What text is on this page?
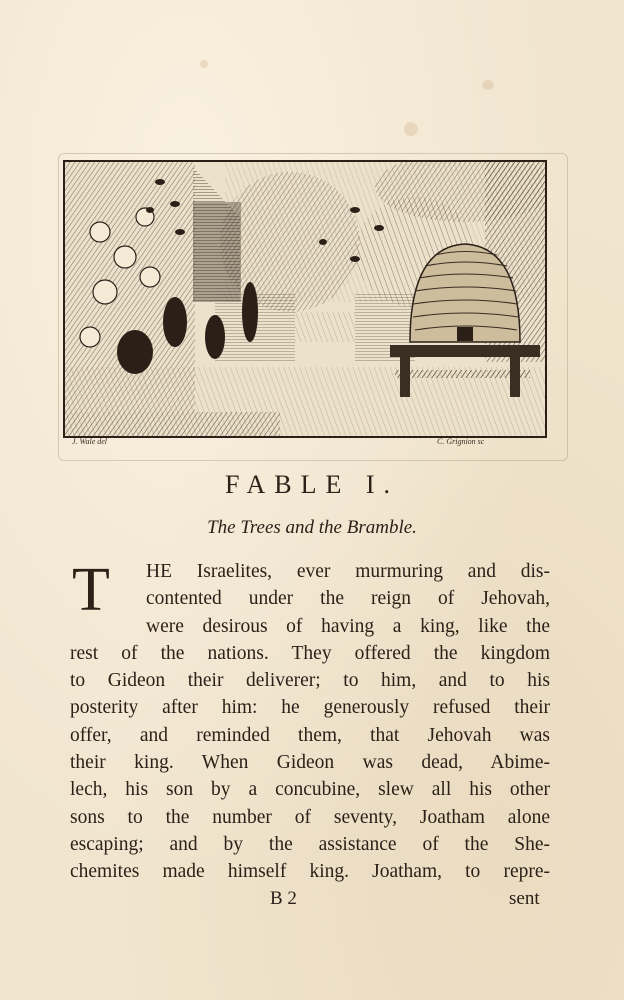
J. Wale del	C. Grignion sc
FABLE I.
The Trees and the Bramble.
T	HE Israelites, ever murmuring and dis-
contented under the reign of Jehovah,
were desirous of having a king, like the
rest of the nations. They offered the kingdom
to Gideon their deliverer; to him, and to his
posterity after him: he generously refused their
offer, and reminded them, that Jehovah was
their king. When Gideon was dead, Abime-
lech, his son by a concubine, slew all his other
sons to the number of seventy, Joatham alone
escaping; and by the assistance of the She-
chemites made himself king. Joatham, to repre-
B 2	sent
